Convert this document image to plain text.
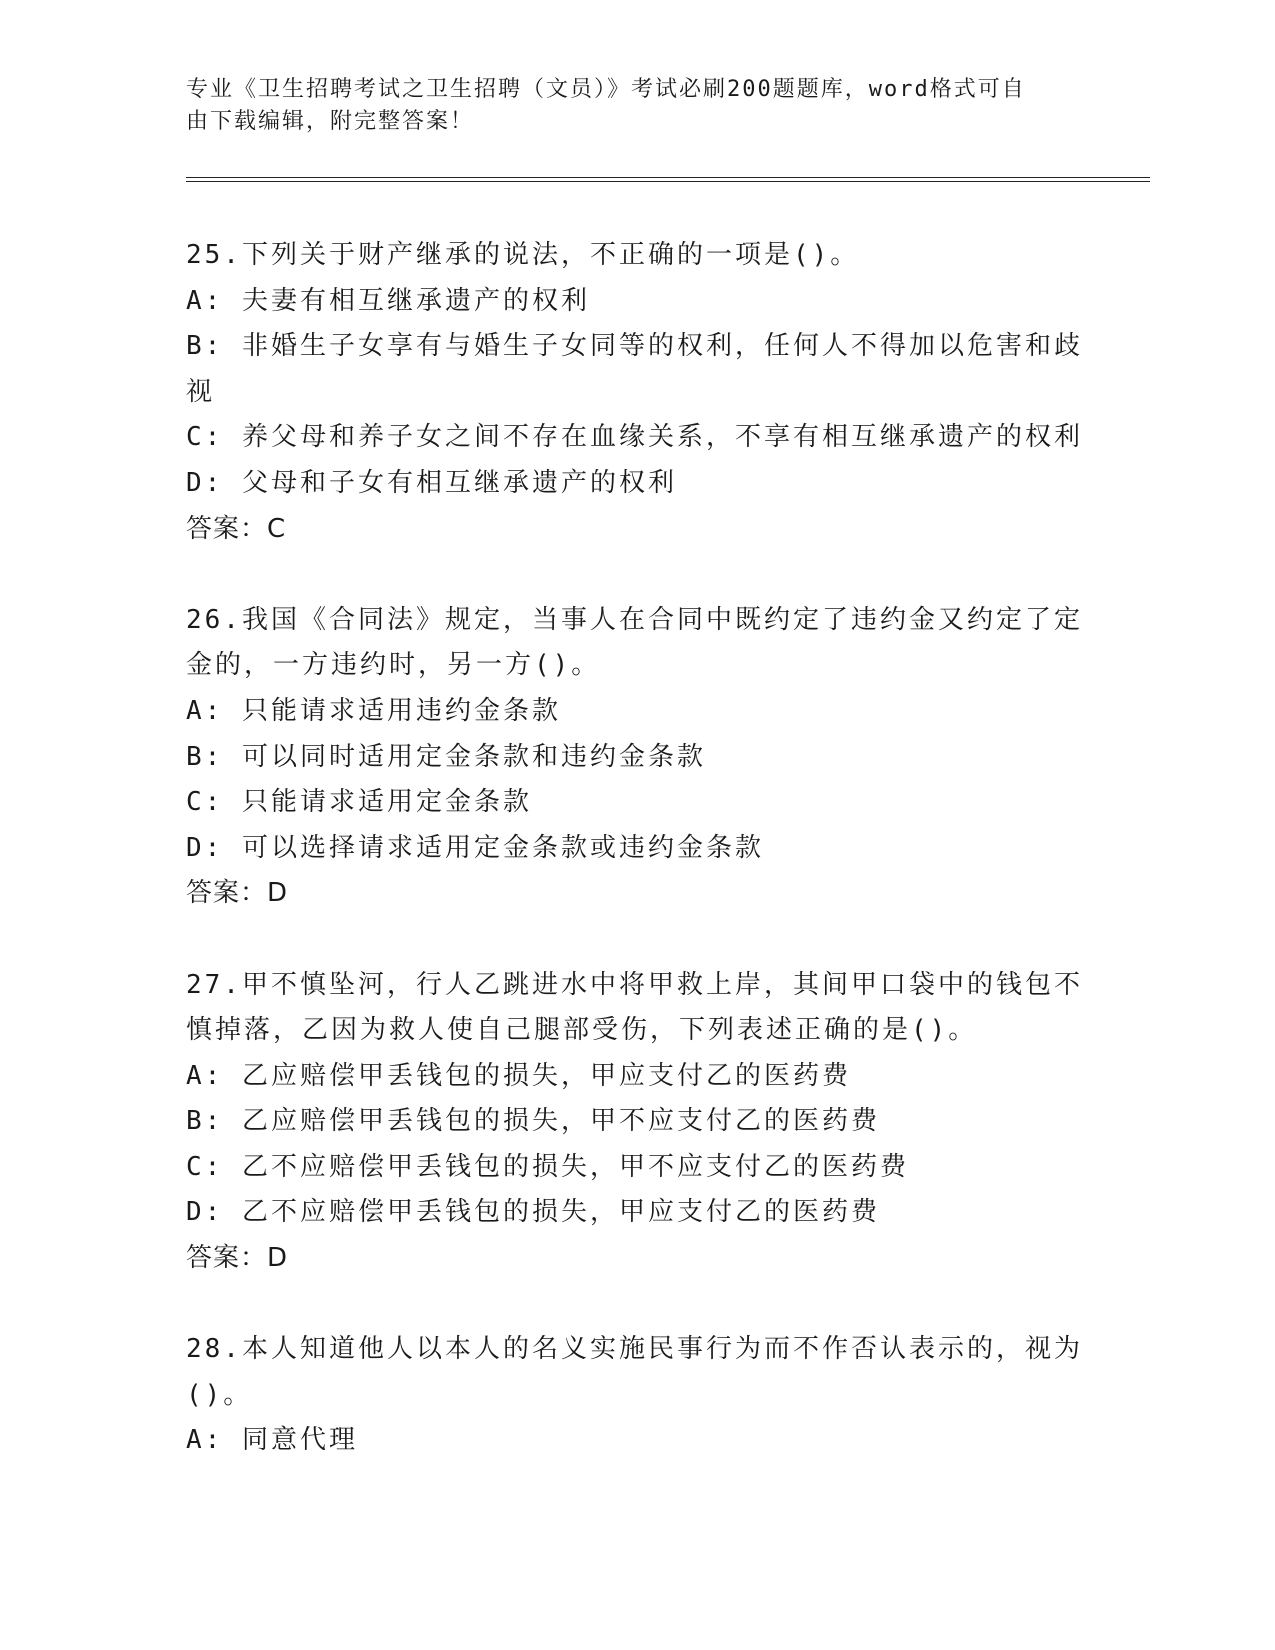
专业《卫生招聘考试之卫生招聘（文员）》考试必刷200题题库，word格式可自
由下载编辑，附完整答案！
25.下列关于财产继承的说法，不正确的一项是()。
A: 夫妻有相互继承遗产的权利
B: 非婚生子女享有与婚生子女同等的权利，任何人不得加以危害和歧
视
C: 养父母和养子女之间不存在血缘关系，不享有相互继承遗产的权利
D: 父母和子女有相互继承遗产的权利
答案：C
26.我国《合同法》规定，当事人在合同中既约定了违约金又约定了定
金的，一方违约时，另一方()。
A: 只能请求适用违约金条款
B: 可以同时适用定金条款和违约金条款
C: 只能请求适用定金条款
D: 可以选择请求适用定金条款或违约金条款
答案：D
27.甲不慎坠河，行人乙跳进水中将甲救上岸，其间甲口袋中的钱包不
慎掉落，乙因为救人使自己腿部受伤，下列表述正确的是()。
A: 乙应赔偿甲丢钱包的损失，甲应支付乙的医药费
B: 乙应赔偿甲丢钱包的损失，甲不应支付乙的医药费
C: 乙不应赔偿甲丢钱包的损失，甲不应支付乙的医药费
D: 乙不应赔偿甲丢钱包的损失，甲应支付乙的医药费
答案：D
28.本人知道他人以本人的名义实施民事行为而不作否认表示的，视为
()。
A: 同意代理
